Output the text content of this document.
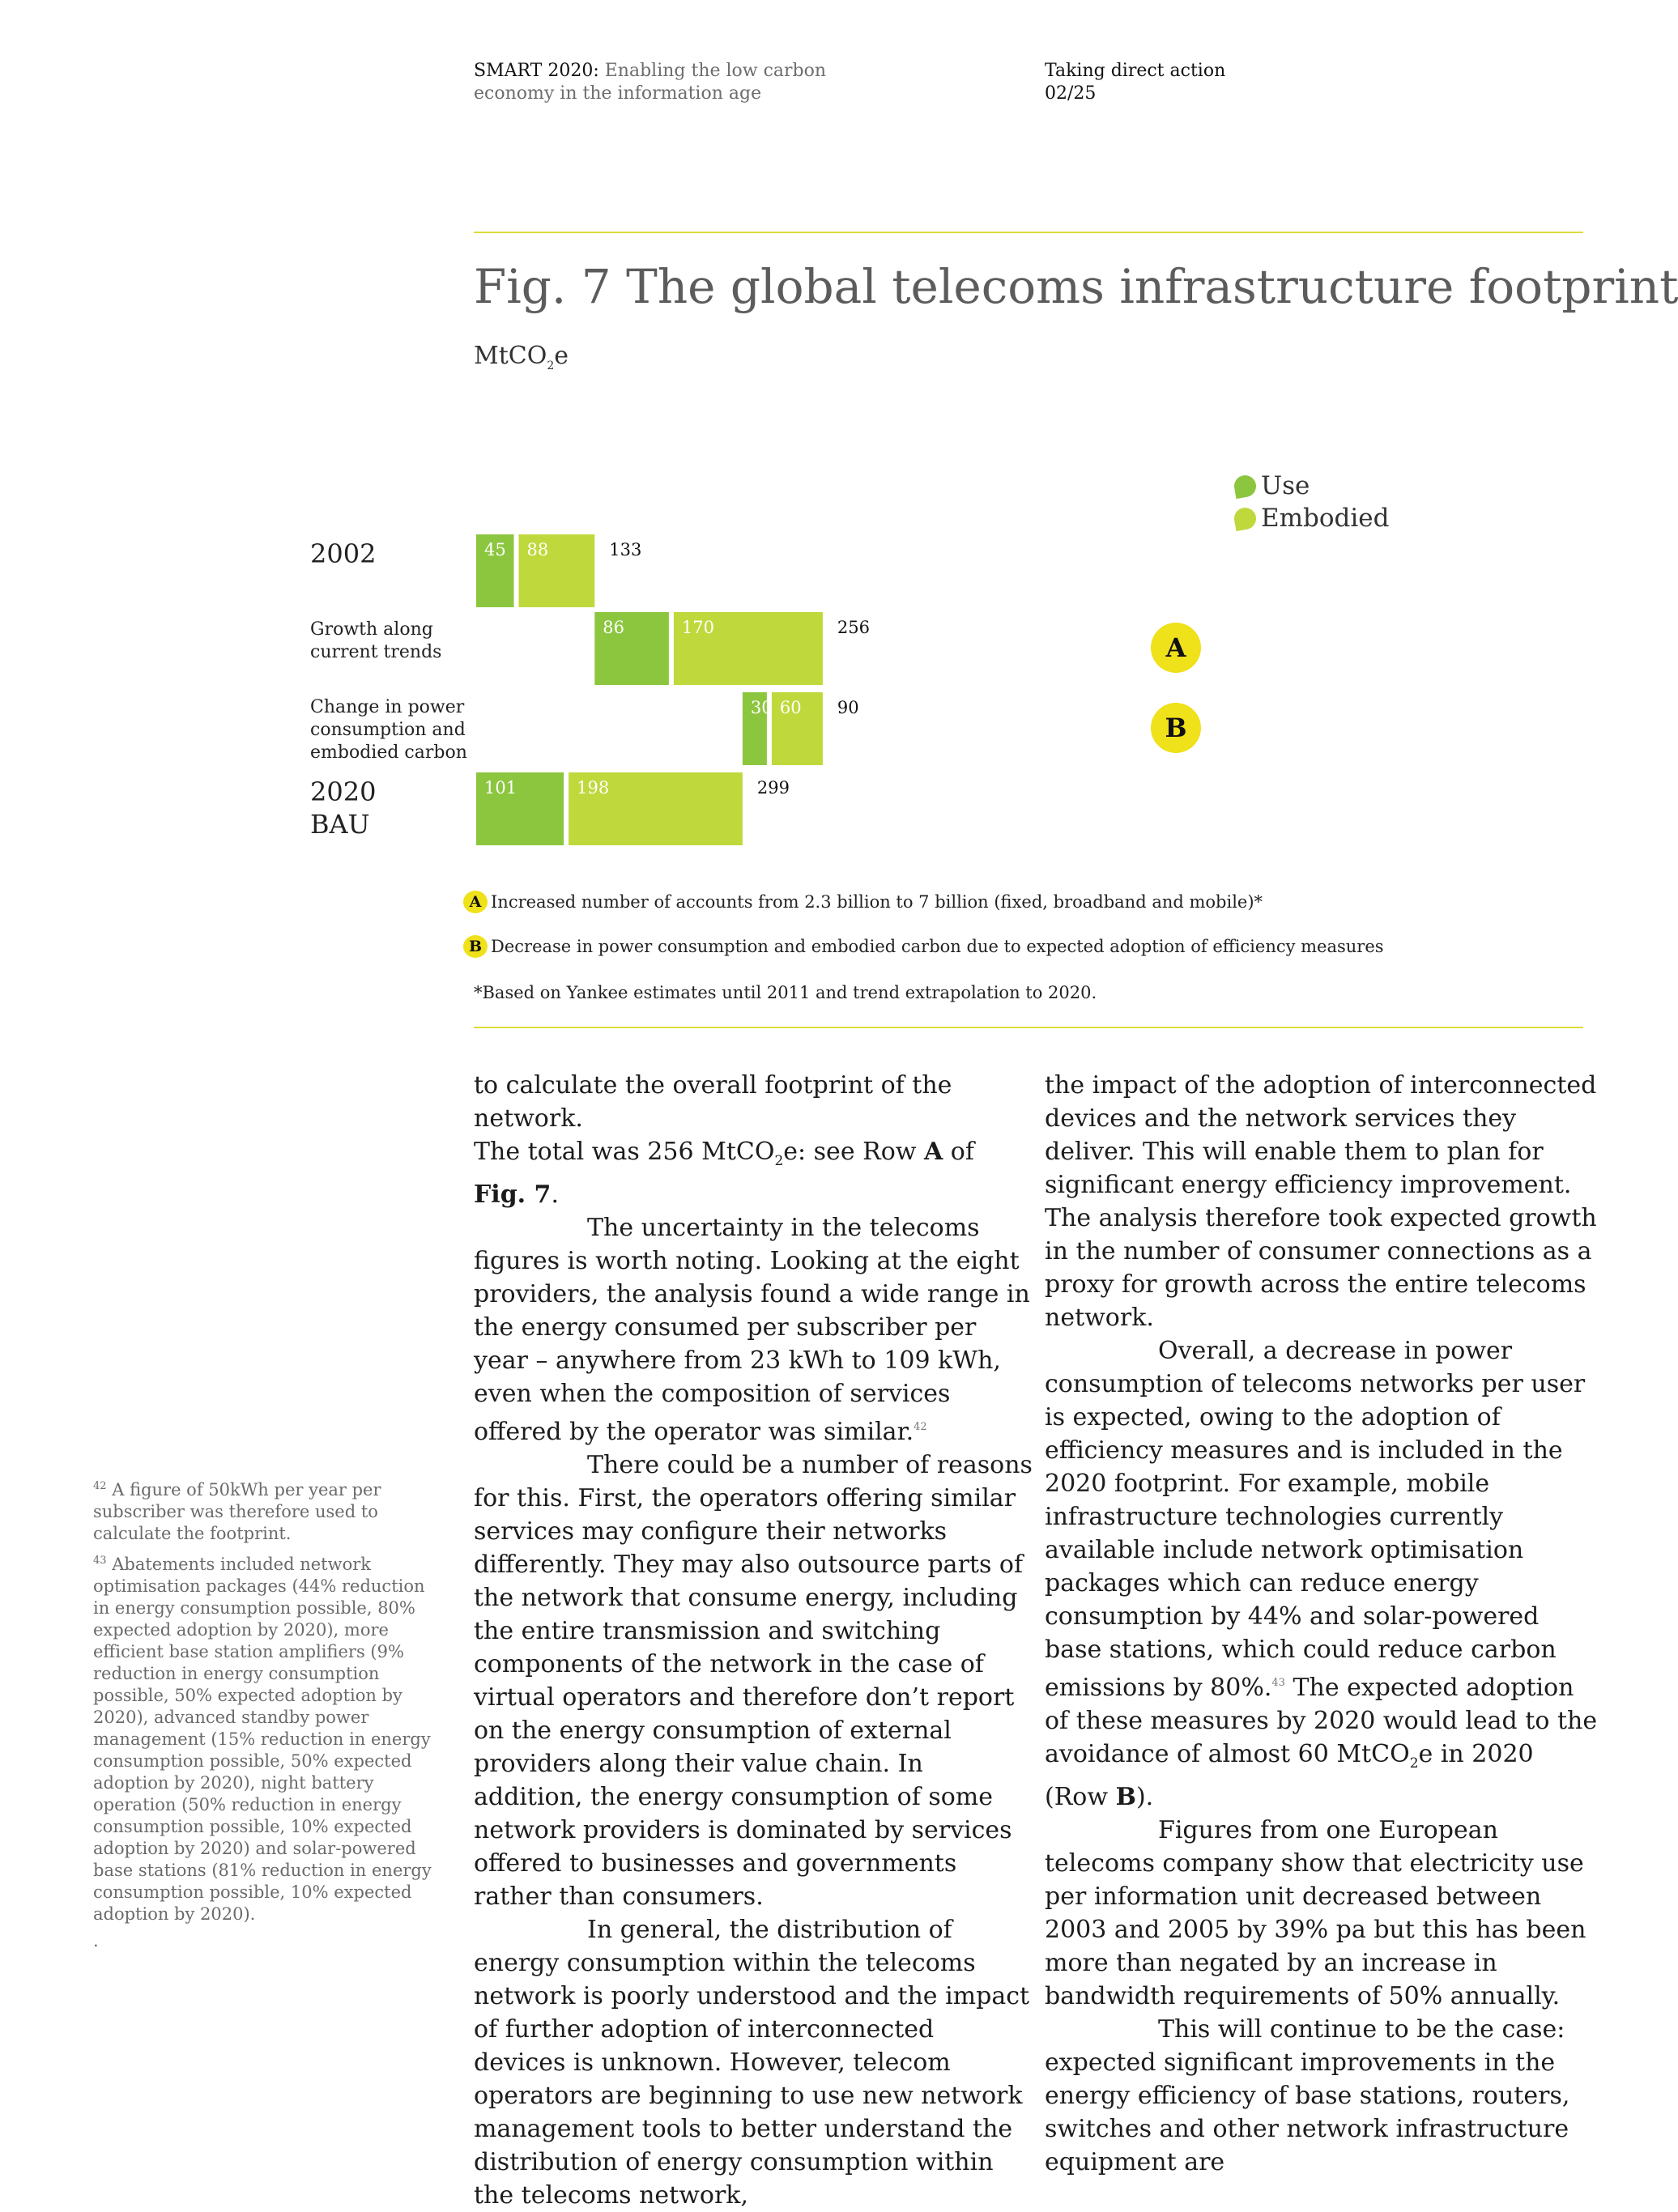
SMART 2020: Enabling the low carbon
economy in the information age
Taking direct action
02/25
Fig. 7 The global telecoms infrastructure footprint
MtCO$_2$e
Use
Embodied
2002
Growth along
current trends
Change in power
consumption and
embodied carbon
2020
BAU
45 88	133
86	170	256
A
30 60 90
B
101	198	299
A Increased number of accounts from 2.3 billion to 7 billion (fixed, broadband and mobile)*
B Decrease in power consumption and embodied carbon due to expected adoption of efficiency measures
*Based on Yankee estimates until 2011 and trend extrapolation to 2020.

to calculate the overall footprint of the network.
The total was 256 MtCO$_2$e: see Row A of Fig. 7.

The uncertainty in the telecoms figures is worth noting. Looking at the eight providers, the analysis found a wide range in the energy consumed per subscriber per year – anywhere from 23 kWh to 109 kWh, even when the composition of services offered by the operator was similar.$^{42}$

There could be a number of reasons for this. First, the operators offering similar services may configure their networks differently. They may also outsource parts of the network that consume energy, including the entire transmission and switching components of the network in the case of virtual operators and therefore don’t report on the energy consumption of external providers along their value chain. In addition, the energy consumption of some network providers is dominated by services offered to businesses and governments rather than consumers.

In general, the distribution of energy consumption within the telecoms network is poorly understood and the impact of further adoption of interconnected devices is unknown. However, telecom operators are beginning to use new network management tools to better understand the distribution of energy consumption within the telecoms network,

the impact of the adoption of interconnected devices and the network services they deliver. This will enable them to plan for significant energy efficiency improvement. The analysis therefore took expected growth in the number of consumer connections as a proxy for growth across the entire telecoms network.

Overall, a decrease in power consumption of telecoms networks per user is expected, owing to the adoption of efficiency measures and is included in the 2020 footprint. For example, mobile infrastructure technologies currently available include network optimisation packages which can reduce energy consumption by 44% and solar-powered base stations, which could reduce carbon emissions by 80%.$^{43}$ The expected adoption of these measures by 2020 would lead to the avoidance of almost 60 MtCO$_2$e in 2020 (Row B).

Figures from one European telecoms company show that electricity use per information unit decreased between 2003 and 2005 by 39% pa but this has been more than negated by an increase in bandwidth requirements of 50% annually.

This will continue to be the case: expected significant improvements in the energy efficiency of base stations, routers, switches and other network infrastructure equipment are

$^{42}$ A figure of 50kWh per year per subscriber was therefore used to calculate the footprint.

$^{43}$ Abatements included network optimisation packages (44% reduction in energy consumption possible, 80% expected adoption by 2020), more efficient base station amplifiers (9% reduction in energy consumption possible, 50% expected adoption by 2020), advanced standby power management (15% reduction in energy consumption possible, 50% expected adoption by 2020), night battery operation (50% reduction in energy consumption possible, 10% expected adoption by 2020) and solar-powered base stations (81% reduction in energy consumption possible, 10% expected adoption by 2020).

.
